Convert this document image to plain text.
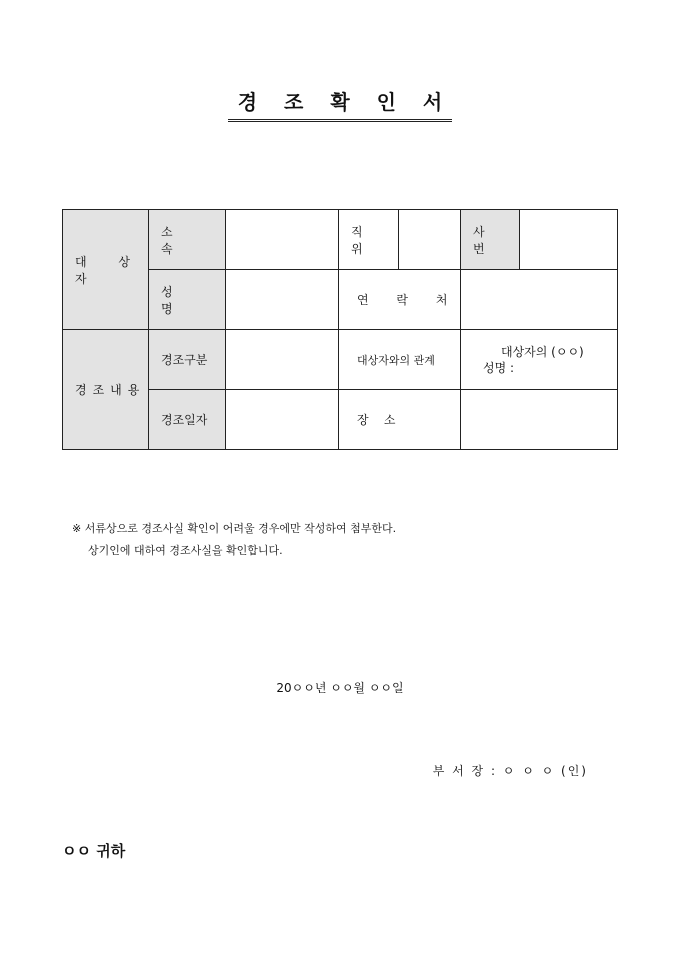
경 조 확 인 서
대 상 자	소 속		직 위		사 번	
	성 명		연 락 처			
경조내용	경조구분		대상자와의 관계		대상자의 (ㅇㅇ)
성명 :	

	경조일자		장    소			
※ 서류상으로 경조사실 확인이 어려울 경우에만 작성하여 첨부한다.
상기인에 대하여 경조사실을 확인합니다.
20ㅇㅇ년 ㅇㅇ월 ㅇㅇ일
부 서 장 : ㅇ ㅇ ㅇ (인)
ㅇㅇ 귀하
